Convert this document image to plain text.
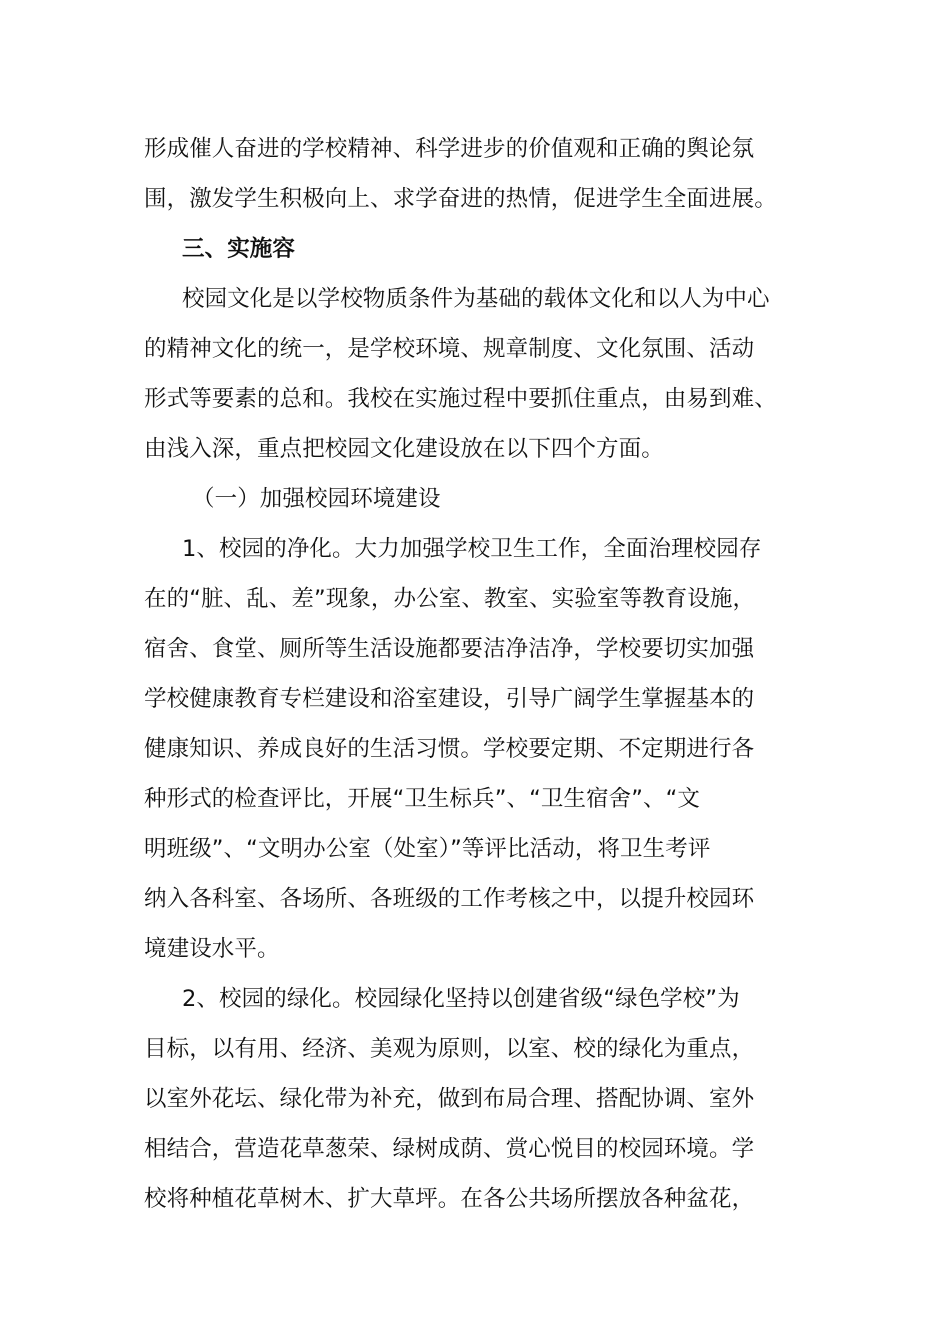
形成催人奋进的学校精神、科学进步的价值观和正确的舆论氛
围，激发学生积极向上、求学奋进的热情，促进学生全面进展。
三、实施容
校园文化是以学校物质条件为基础的载体文化和以人为中心
的精神文化的统一，是学校环境、规章制度、文化氛围、活动
形式等要素的总和。我校在实施过程中要抓住重点，由易到难、
由浅入深，重点把校园文化建设放在以下四个方面。
（一）加强校园环境建设
1、校园的净化。大力加强学校卫生工作，全面治理校园存
在的“脏、乱、差”现象，办公室、教室、实验室等教育设施，
宿舍、食堂、厕所等生活设施都要洁净洁净，学校要切实加强
学校健康教育专栏建设和浴室建设，引导广阔学生掌握基本的
健康知识、养成良好的生活习惯。学校要定期、不定期进行各
种形式的检查评比，开展“卫生标兵”、“卫生宿舍”、“文
明班级”、“文明办公室（处室）”等评比活动，将卫生考评
纳入各科室、各场所、各班级的工作考核之中，以提升校园环
境建设水平。
2、校园的绿化。校园绿化坚持以创建省级“绿色学校”为
目标，以有用、经济、美观为原则，以室、校的绿化为重点，
以室外花坛、绿化带为补充，做到布局合理、搭配协调、室外
相结合，营造花草葱荣、绿树成荫、赏心悦目的校园环境。学
校将种植花草树木、扩大草坪。在各公共场所摆放各种盆花，
